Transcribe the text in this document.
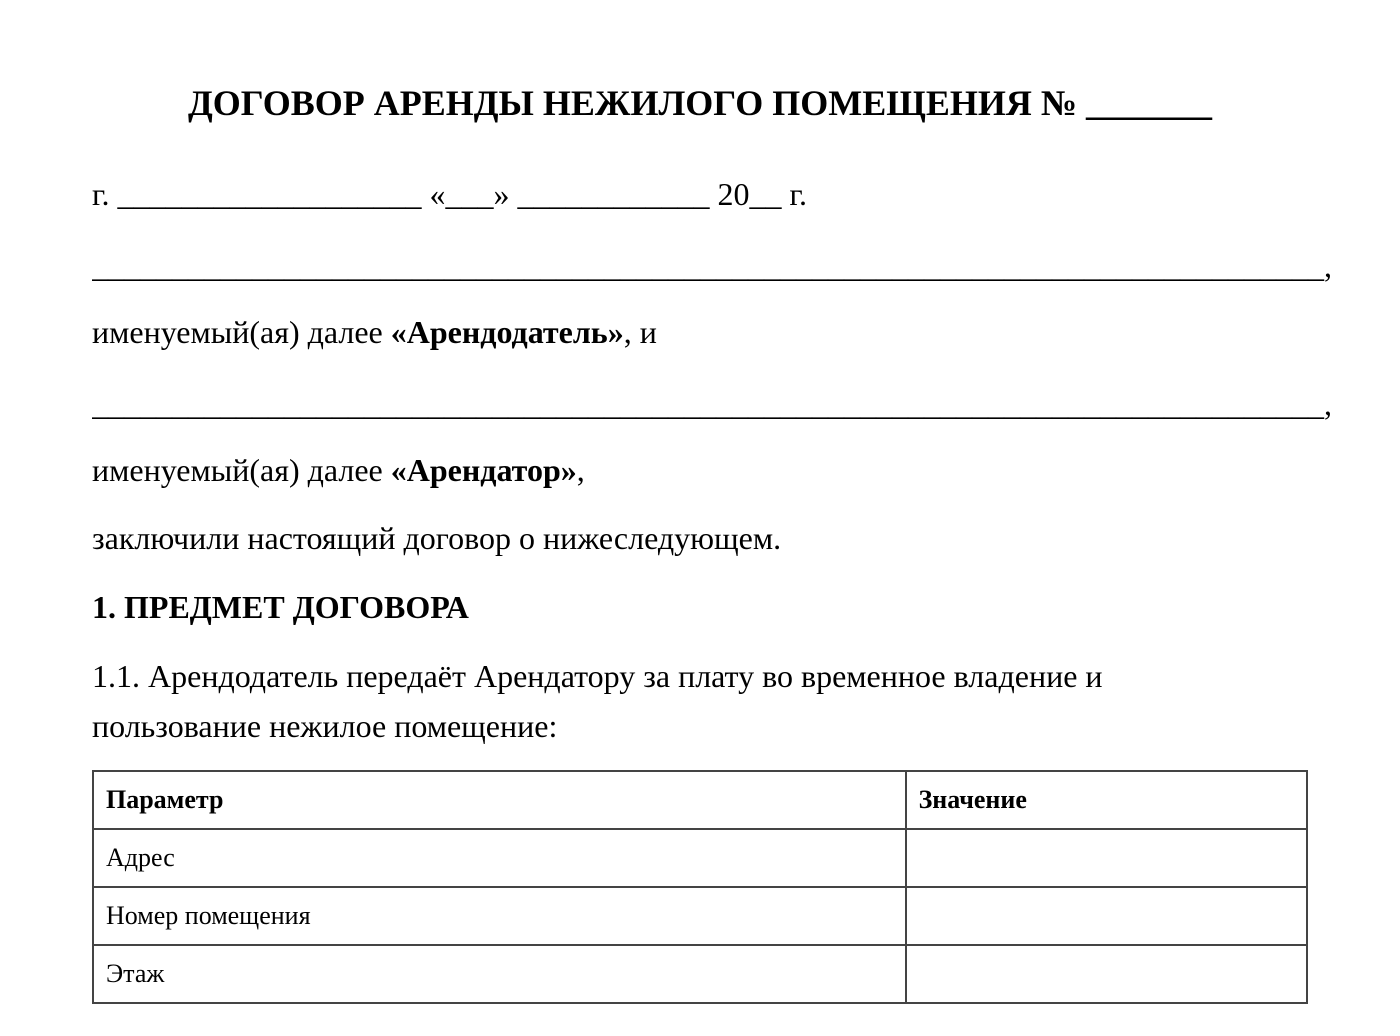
ДОГОВОР АРЕНДЫ НЕЖИЛОГО ПОМЕЩЕНИЯ № _______
г. ___________________ «___» ____________ 20__ г.
_____________________________________________________________________________,
именуемый(ая) далее «Арендодатель», и
_____________________________________________________________________________,
именуемый(ая) далее «Арендатор»,
заключили настоящий договор о нижеследующем.
1. ПРЕДМЕТ ДОГОВОРА
1.1. Арендодатель передаёт Арендатору за плату во временное владение и пользование нежилое помещение:
Параметр	Значение
Адрес	
Номер помещения	
Этаж	
